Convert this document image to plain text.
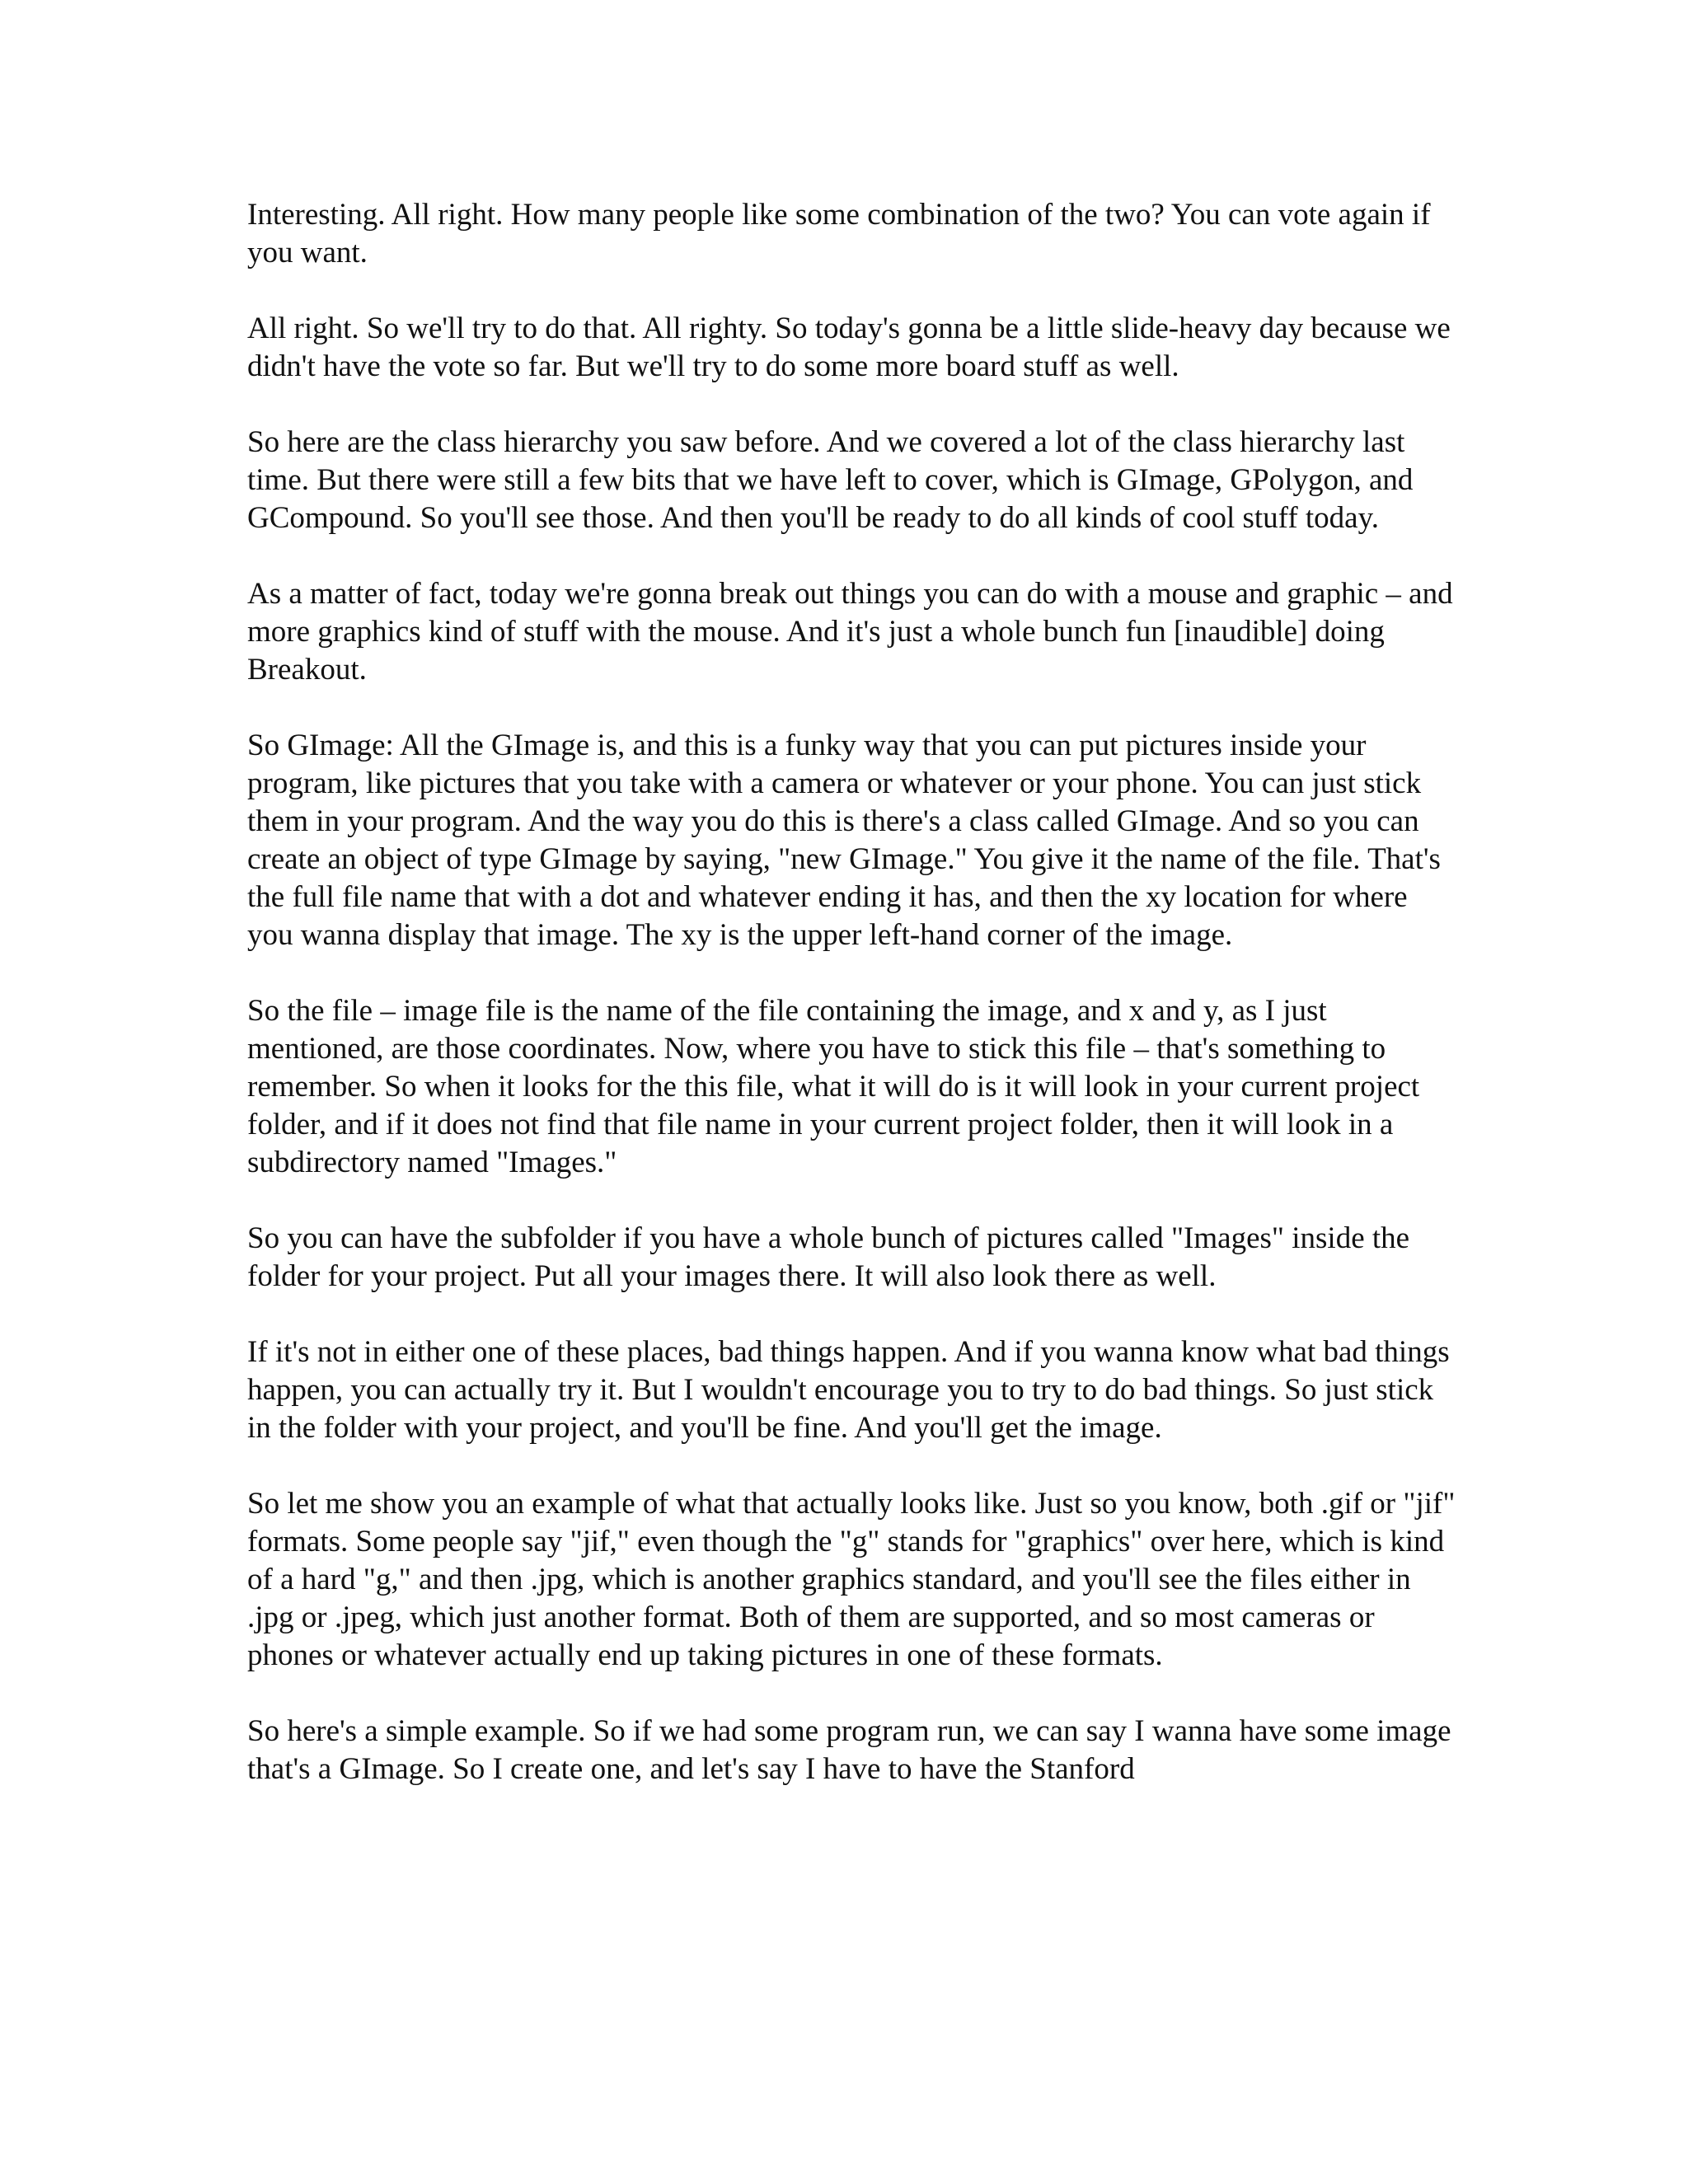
Interesting. All right. How many people like some combination of the two? You can vote again if you want.

All right. So we'll try to do that. All righty. So today's gonna be a little slide-heavy day because we didn't have the vote so far. But we'll try to do some more board stuff as well.

So here are the class hierarchy you saw before. And we covered a lot of the class hierarchy last time. But there were still a few bits that we have left to cover, which is GImage, GPolygon, and GCompound. So you'll see those. And then you'll be ready to do all kinds of cool stuff today.

As a matter of fact, today we're gonna break out things you can do with a mouse and graphic – and more graphics kind of stuff with the mouse. And it's just a whole bunch fun [inaudible] doing Breakout.

So GImage: All the GImage is, and this is a funky way that you can put pictures inside your program, like pictures that you take with a camera or whatever or your phone. You can just stick them in your program. And the way you do this is there's a class called GImage. And so you can create an object of type GImage by saying, "new GImage." You give it the name of the file. That's the full file name that with a dot and whatever ending it has, and then the xy location for where you wanna display that image. The xy is the upper left-hand corner of the image.

So the file – image file is the name of the file containing the image, and x and y, as I just mentioned, are those coordinates. Now, where you have to stick this file – that's something to remember. So when it looks for the this file, what it will do is it will look in your current project folder, and if it does not find that file name in your current project folder, then it will look in a subdirectory named "Images."

So you can have the subfolder if you have a whole bunch of pictures called "Images" inside the folder for your project. Put all your images there. It will also look there as well.

If it's not in either one of these places, bad things happen. And if you wanna know what bad things happen, you can actually try it. But I wouldn't encourage you to try to do bad things. So just stick in the folder with your project, and you'll be fine. And you'll get the image.

So let me show you an example of what that actually looks like. Just so you know, both .gif or "jif" formats. Some people say "jif," even though the "g" stands for "graphics" over here, which is kind of a hard "g," and then .jpg, which is another graphics standard, and you'll see the files either in .jpg or .jpeg, which just another format. Both of them are supported, and so most cameras or phones or whatever actually end up taking pictures in one of these formats.

So here's a simple example. So if we had some program run, we can say I wanna have some image that's a GImage. So I create one, and let's say I have to have the Stanford
